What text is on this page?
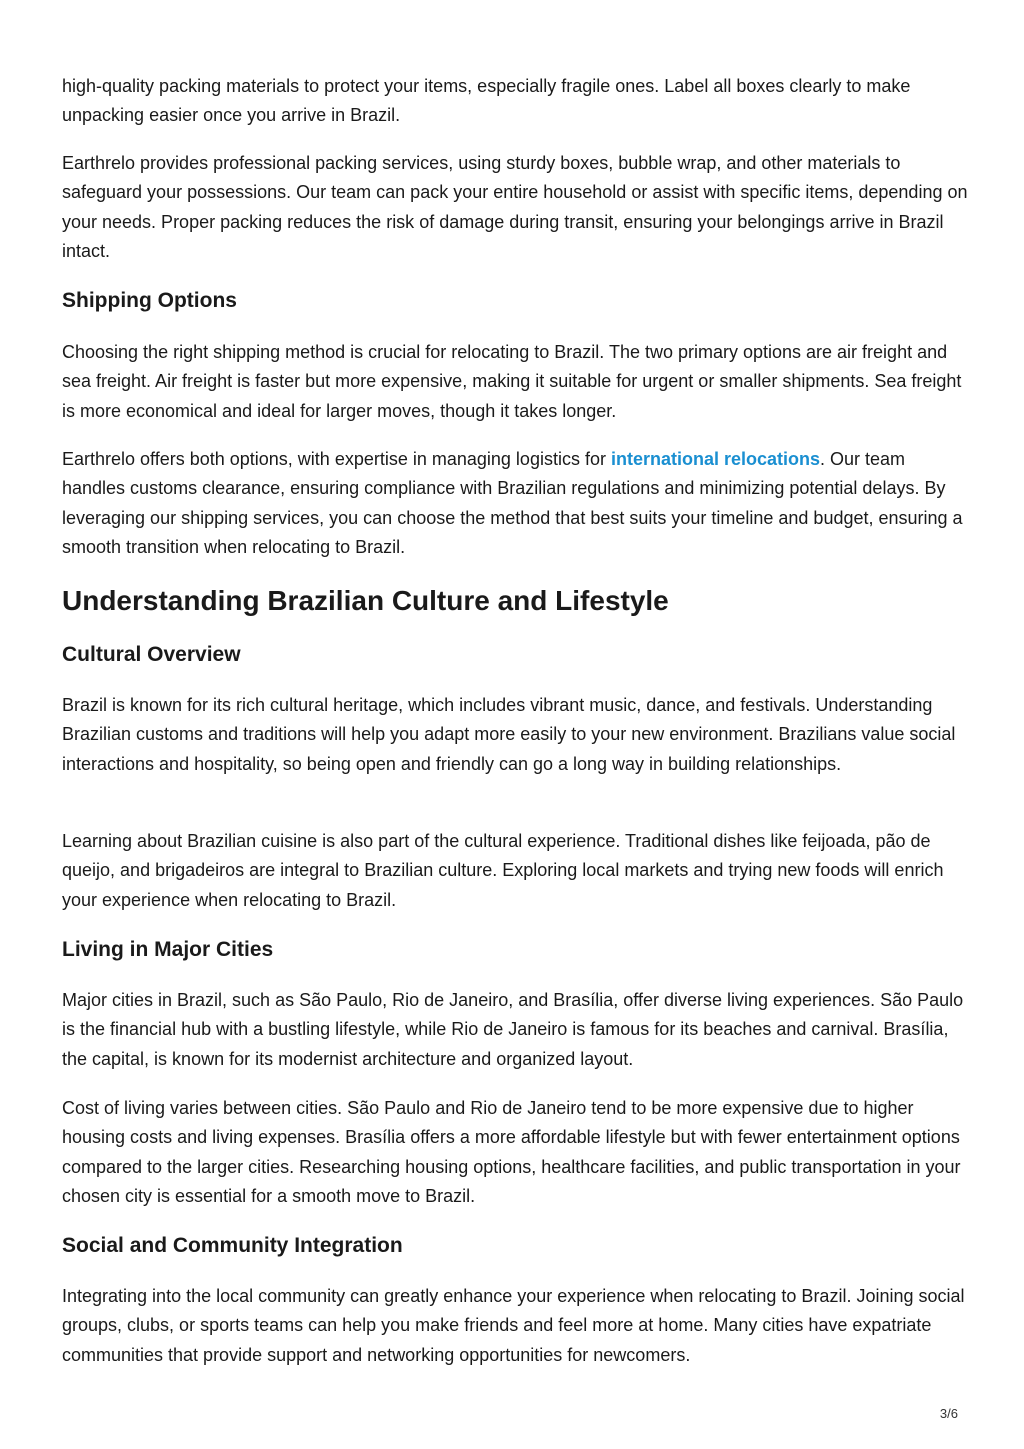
high-quality packing materials to protect your items, especially fragile ones. Label all boxes clearly to make unpacking easier once you arrive in Brazil.

Earthrelo provides professional packing services, using sturdy boxes, bubble wrap, and other materials to safeguard your possessions. Our team can pack your entire household or assist with specific items, depending on your needs. Proper packing reduces the risk of damage during transit, ensuring your belongings arrive in Brazil intact.

Shipping Options

Choosing the right shipping method is crucial for relocating to Brazil. The two primary options are air freight and sea freight. Air freight is faster but more expensive, making it suitable for urgent or smaller shipments. Sea freight is more economical and ideal for larger moves, though it takes longer.

Earthrelo offers both options, with expertise in managing logistics for international relocations. Our team handles customs clearance, ensuring compliance with Brazilian regulations and minimizing potential delays. By leveraging our shipping services, you can choose the method that best suits your timeline and budget, ensuring a smooth transition when relocating to Brazil.

Understanding Brazilian Culture and Lifestyle
Cultural Overview

Brazil is known for its rich cultural heritage, which includes vibrant music, dance, and festivals. Understanding Brazilian customs and traditions will help you adapt more easily to your new environment. Brazilians value social interactions and hospitality, so being open and friendly can go a long way in building relationships.

Learning about Brazilian cuisine is also part of the cultural experience. Traditional dishes like feijoada, pão de queijo, and brigadeiros are integral to Brazilian culture. Exploring local markets and trying new foods will enrich your experience when relocating to Brazil.

Living in Major Cities

Major cities in Brazil, such as São Paulo, Rio de Janeiro, and Brasília, offer diverse living experiences. São Paulo is the financial hub with a bustling lifestyle, while Rio de Janeiro is famous for its beaches and carnival. Brasília, the capital, is known for its modernist architecture and organized layout.

Cost of living varies between cities. São Paulo and Rio de Janeiro tend to be more expensive due to higher housing costs and living expenses. Brasília offers a more affordable lifestyle but with fewer entertainment options compared to the larger cities. Researching housing options, healthcare facilities, and public transportation in your chosen city is essential for a smooth move to Brazil.

Social and Community Integration

Integrating into the local community can greatly enhance your experience when relocating to Brazil. Joining social groups, clubs, or sports teams can help you make friends and feel more at home. Many cities have expatriate communities that provide support and networking opportunities for newcomers.

3/6
